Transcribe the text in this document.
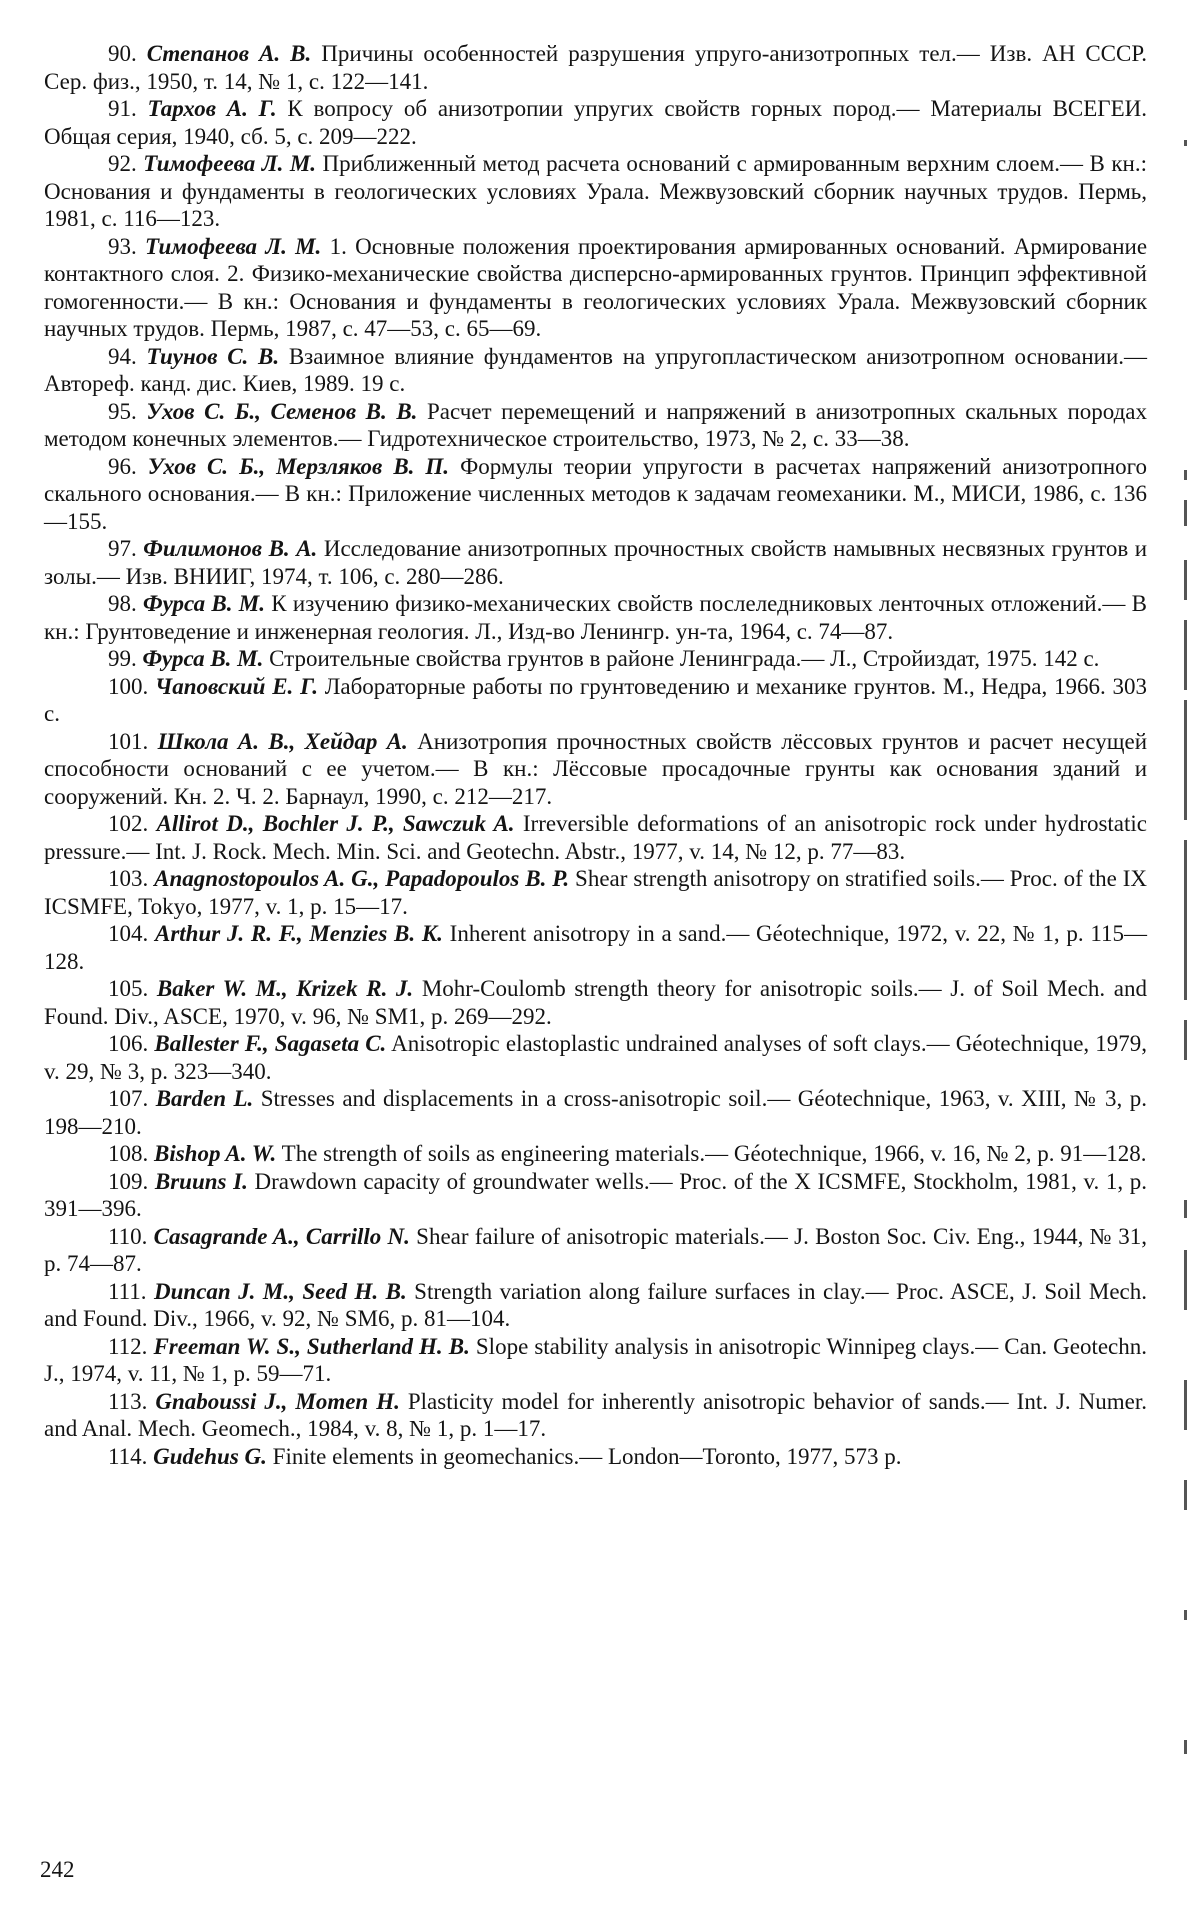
90. Степанов А. В. Причины особенностей разрушения упруго-анизотропных тел.— Изв. АН СССР. Сер. физ., 1950, т. 14, № 1, с. 122—141.

91. Тархов А. Г. К вопросу об анизотропии упругих свойств горных пород.— Материалы ВСЕГЕИ. Общая серия, 1940, сб. 5, с. 209—222.

92. Тимофеева Л. М. Приближенный метод расчета оснований с армированным верхним слоем.— В кн.: Основания и фундаменты в геологических условиях Урала. Межвузовский сборник научных трудов. Пермь, 1981, с. 116—123.

93. Тимофеева Л. М. 1. Основные положения проектирования армированных оснований. Армирование контактного слоя. 2. Физико-механические свойства дисперсно-армированных грунтов. Принцип эффективной гомогенности.— В кн.: Основания и фундаменты в геологических условиях Урала. Межвузовский сборник научных трудов. Пермь, 1987, с. 47—53, с. 65—69.

94. Тиунов С. В. Взаимное влияние фундаментов на упругопластическом анизотропном основании.— Автореф. канд. дис. Киев, 1989. 19 с.

95. Ухов С. Б., Семенов В. В. Расчет перемещений и напряжений в анизотропных скальных породах методом конечных элементов.— Гидротехническое строительство, 1973, № 2, с. 33—38.

96. Ухов С. Б., Мерзляков В. П. Формулы теории упругости в расчетах напряжений анизотропного скального основания.— В кн.: Приложение численных методов к задачам геомеханики. М., МИСИ, 1986, с. 136—155.

97. Филимонов В. А. Исследование анизотропных прочностных свойств намывных несвязных грунтов и золы.— Изв. ВНИИГ, 1974, т. 106, с. 280—286.

98. Фурса В. М. К изучению физико-механических свойств послеледниковых ленточных отложений.— В кн.: Грунтоведение и инженерная геология. Л., Изд-во Ленингр. ун-та, 1964, с. 74—87.

99. Фурса В. М. Строительные свойства грунтов в районе Ленинграда.— Л., Стройиздат, 1975. 142 с.

100. Чаповский Е. Г. Лабораторные работы по грунтоведению и механике грунтов. М., Недра, 1966. 303 с.

101. Школа А. В., Хейдар А. Анизотропия прочностных свойств лёссовых грунтов и расчет несущей способности оснований с ее учетом.— В кн.: Лёссовые просадочные грунты как основания зданий и сооружений. Кн. 2. Ч. 2. Барнаул, 1990, с. 212—217.

102. Allirot D., Bochler J. P., Sawczuk A. Irreversible deformations of an anisotropic rock under hydrostatic pressure.— Int. J. Rock. Mech. Min. Sci. and Geotechn. Abstr., 1977, v. 14, № 12, p. 77—83.

103. Anagnostopoulos A. G., Papadopoulos B. P. Shear strength anisotropy on stratified soils.— Proc. of the IX ICSMFE, Tokyo, 1977, v. 1, p. 15—17.

104. Arthur J. R. F., Menzies B. K. Inherent anisotropy in a sand.— Géotechnique, 1972, v. 22, № 1, p. 115—128.

105. Baker W. M., Krizek R. J. Mohr-Coulomb strength theory for anisotropic soils.— J. of Soil Mech. and Found. Div., ASCE, 1970, v. 96, № SM1, p. 269—292.

106. Ballester F., Sagaseta C. Anisotropic elastoplastic undrained analyses of soft clays.— Géotechnique, 1979, v. 29, № 3, p. 323—340.

107. Barden L. Stresses and displacements in a cross-anisotropic soil.— Géotechnique, 1963, v. XIII, № 3, p. 198—210.

108. Bishop A. W. The strength of soils as engineering materials.— Géotechnique, 1966, v. 16, № 2, p. 91—128.

109. Bruuns I. Drawdown capacity of groundwater wells.— Proc. of the X ICSMFE, Stockholm, 1981, v. 1, p. 391—396.

110. Casagrande A., Carrillo N. Shear failure of anisotropic materials.— J. Boston Soc. Civ. Eng., 1944, № 31, p. 74—87.

111. Duncan J. M., Seed H. B. Strength variation along failure surfaces in clay.— Proc. ASCE, J. Soil Mech. and Found. Div., 1966, v. 92, № SM6, p. 81—104.

112. Freeman W. S., Sutherland H. B. Slope stability analysis in anisotropic Winnipeg clays.— Can. Geotechn. J., 1974, v. 11, № 1, p. 59—71.

113. Gnaboussi J., Momen H. Plasticity model for inherently anisotropic behavior of sands.— Int. J. Numer. and Anal. Mech. Geomech., 1984, v. 8, № 1, p. 1—17.

114. Gudehus G. Finite elements in geomechanics.— London—Toronto, 1977, 573 p.

242
